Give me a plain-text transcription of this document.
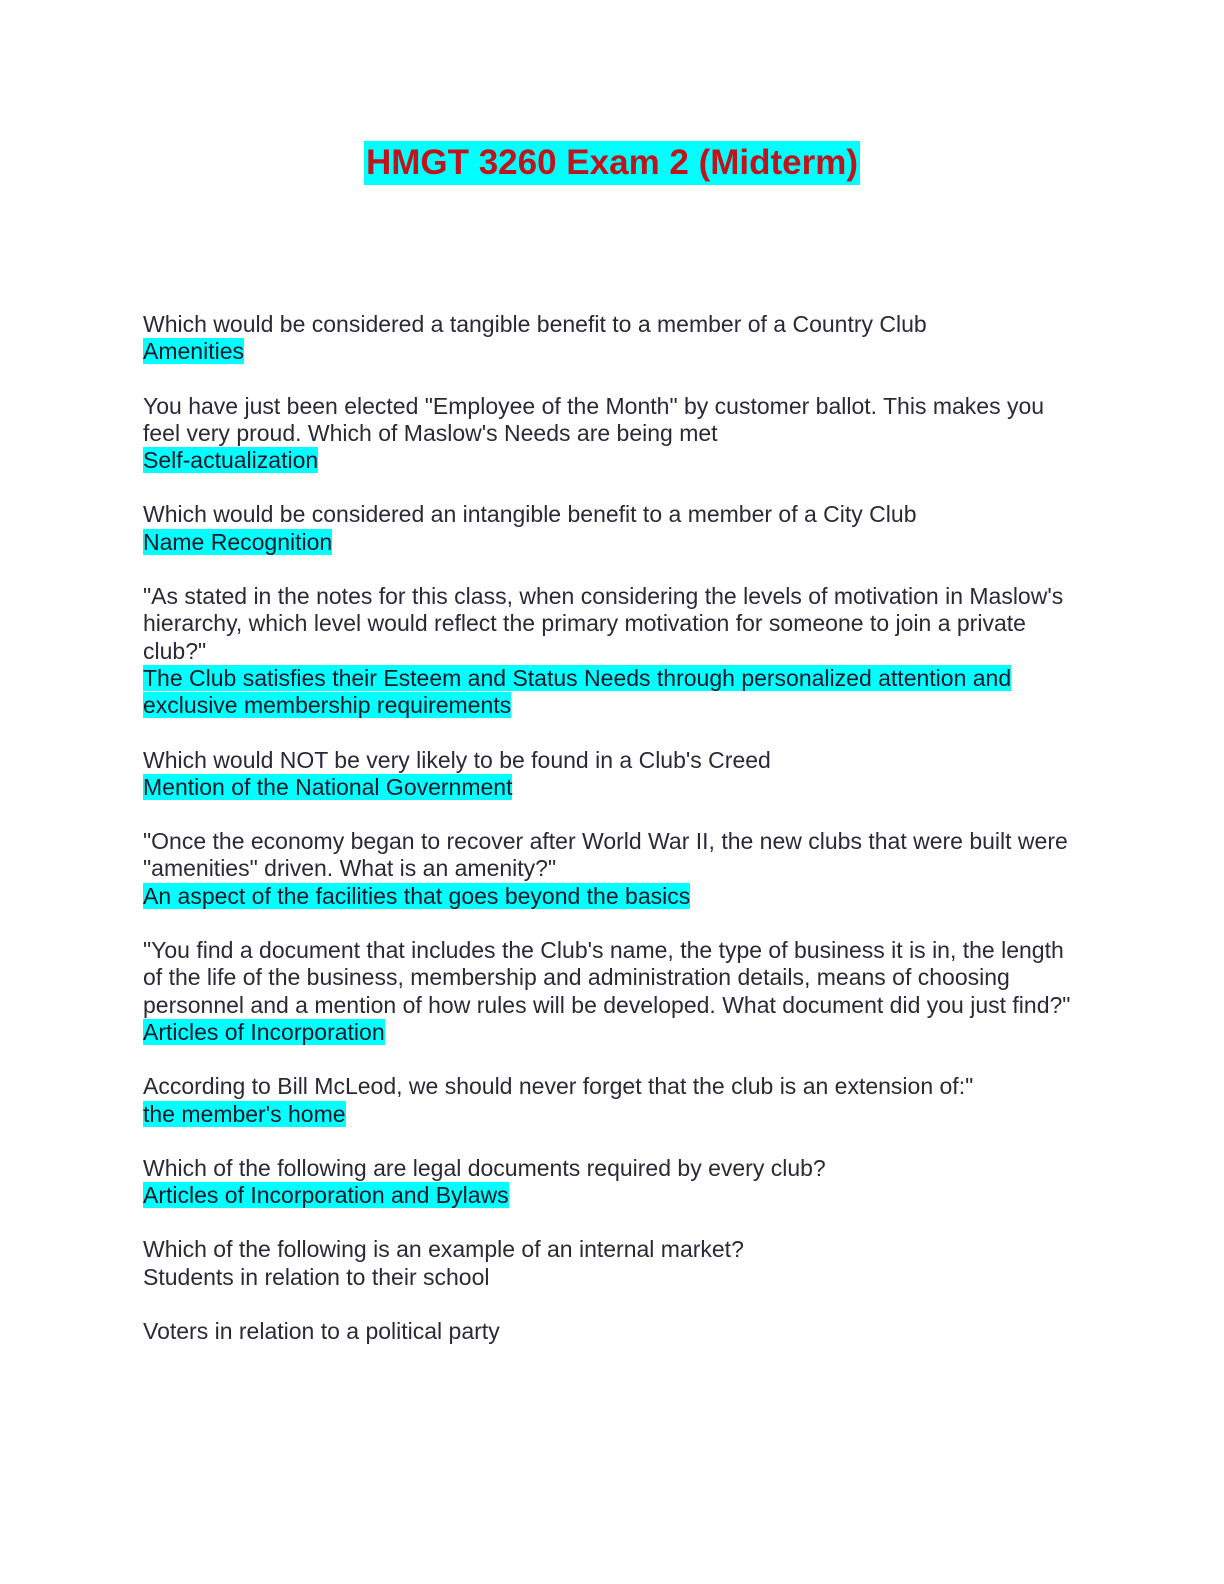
HMGT 3260 Exam 2 (Midterm)

Which would be considered a tangible benefit to a member of a Country Club

Amenities

You have just been elected "Employee of the Month" by customer ballot. This makes you feel very proud. Which of Maslow's Needs are being met

Self-actualization

Which would be considered an intangible benefit to a member of a City Club

Name Recognition

"As stated in the notes for this class, when considering the levels of motivation in Maslow's hierarchy, which level would reflect the primary motivation for someone to join a private club?"

The Club satisfies their Esteem and Status Needs through personalized attention and exclusive membership requirements

Which would NOT be very likely to be found in a Club's Creed

Mention of the National Government

"Once the economy began to recover after World War II, the new clubs that were built were "amenities" driven. What is an amenity?"

An aspect of the facilities that goes beyond the basics

"You find a document that includes the Club's name, the type of business it is in, the length of the life of the business, membership and administration details, means of choosing personnel and a mention of how rules will be developed. What document did you just find?"

Articles of Incorporation

According to Bill McLeod, we should never forget that the club is an extension of:"

the member's home

Which of the following are legal documents required by every club?

Articles of Incorporation and Bylaws

Which of the following is an example of an internal market?

Students in relation to their school

Voters in relation to a political party
